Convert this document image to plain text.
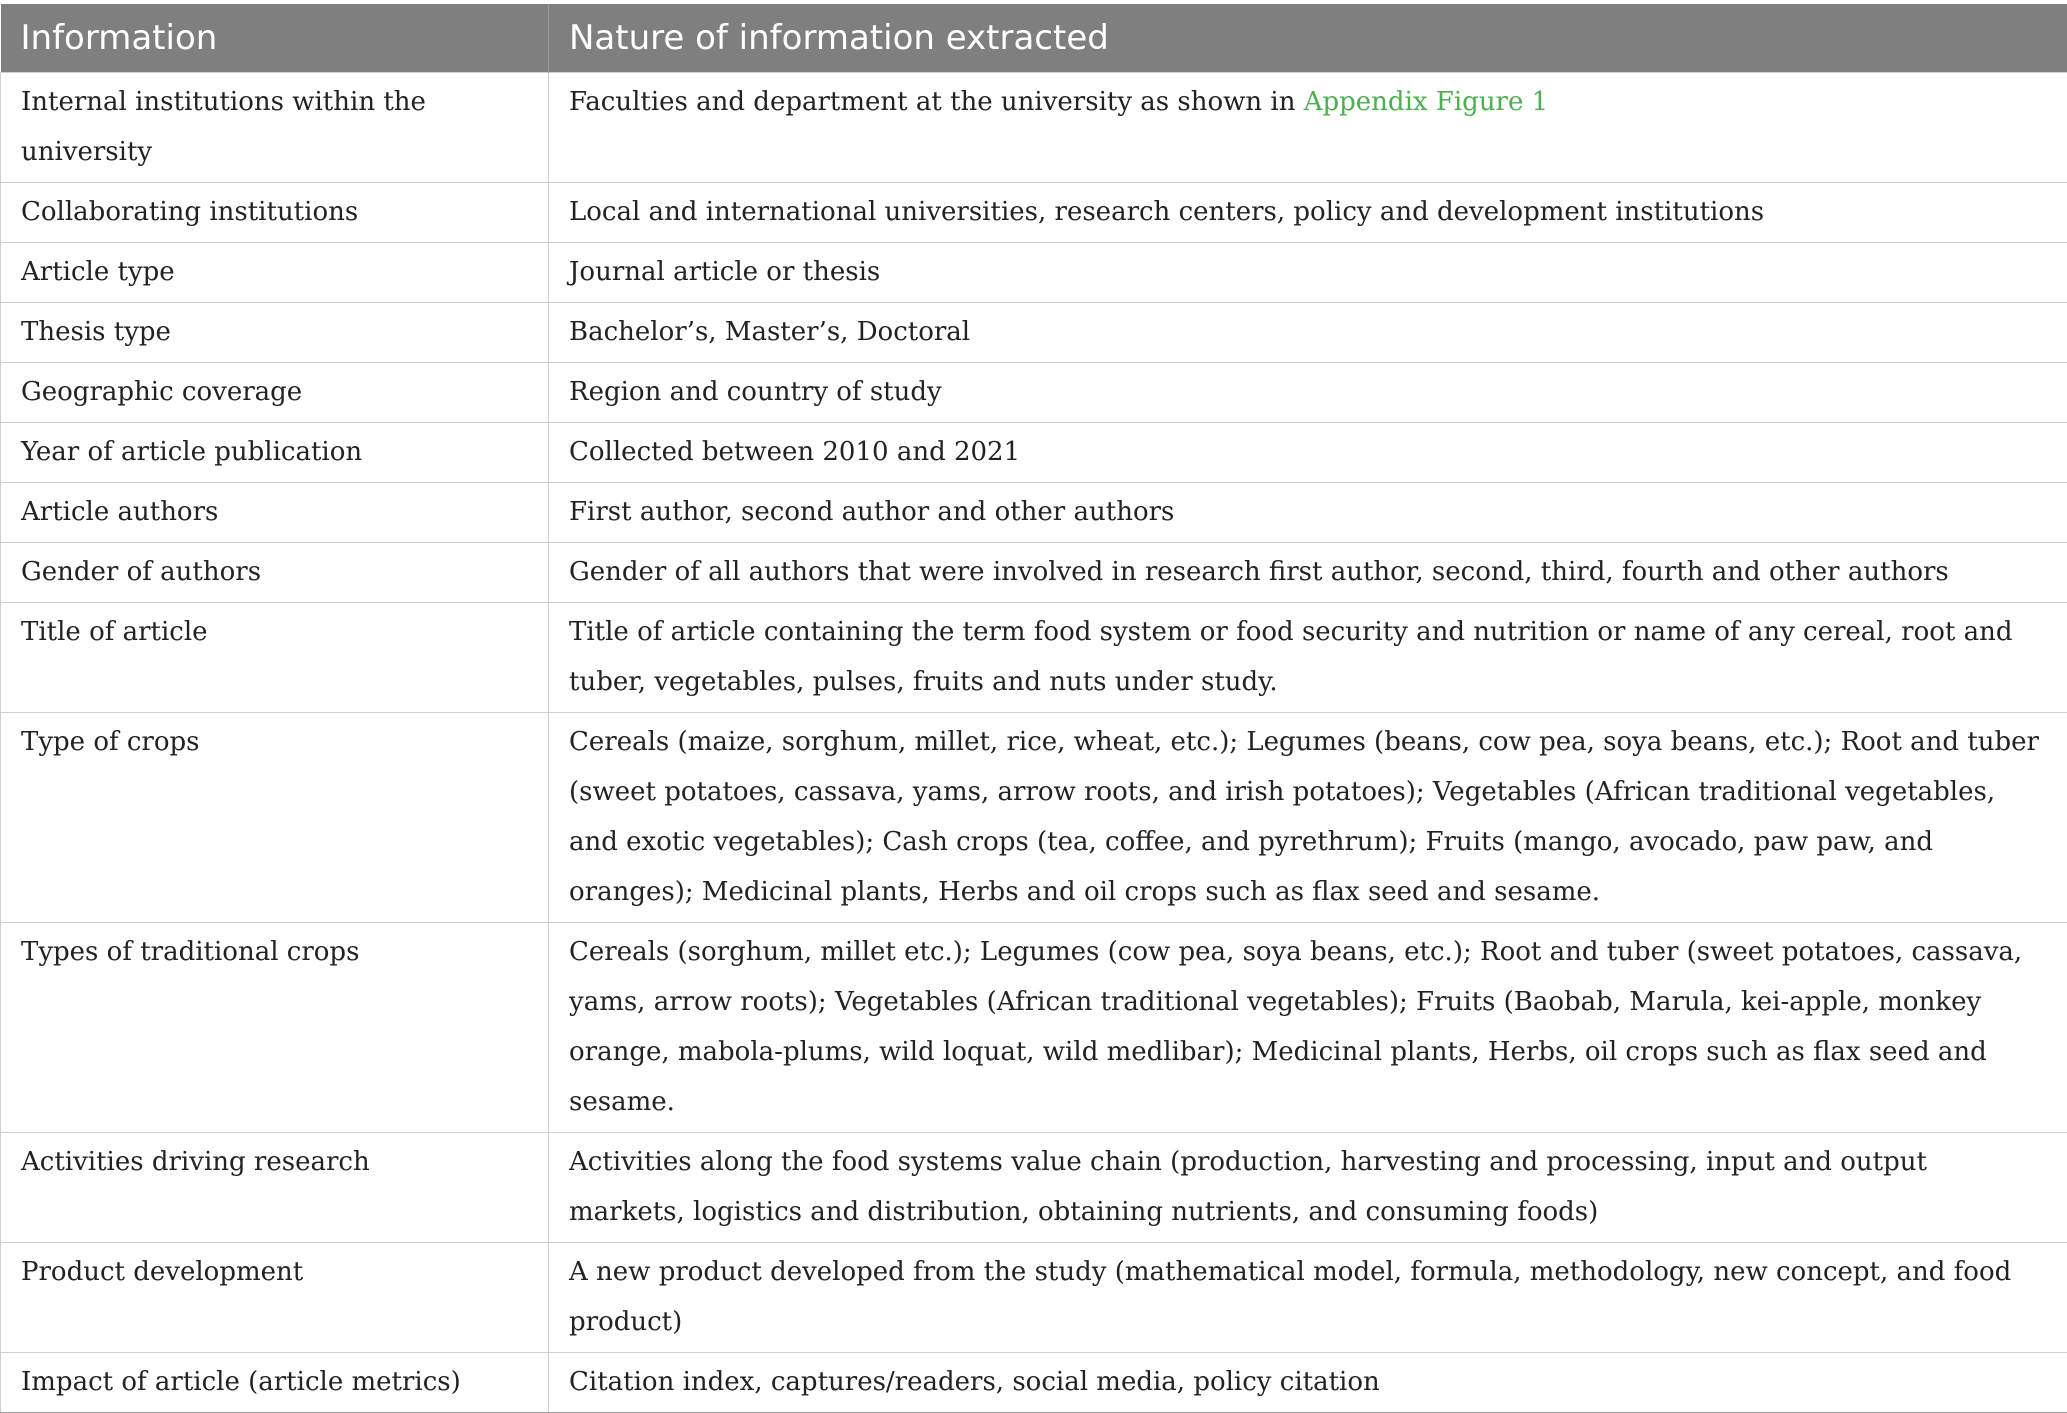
Information	Nature of information extracted
Internal institutions within the university	Faculties and department at the university as shown in Appendix Figure 1
Collaborating institutions	Local and international universities, research centers, policy and development institutions
Article type	Journal article or thesis
Thesis type	Bachelor’s, Master’s, Doctoral
Geographic coverage	Region and country of study
Year of article publication	Collected between 2010 and 2021
Article authors	First author, second author and other authors
Gender of authors	Gender of all authors that were involved in research first author, second, third, fourth and other authors
Title of article	Title of article containing the term food system or food security and nutrition or name of any cereal, root and tuber, vegetables, pulses, fruits and nuts under study.
Type of crops	Cereals (maize, sorghum, millet, rice, wheat, etc.); Legumes (beans, cow pea, soya beans, etc.); Root and tuber (sweet potatoes, cassava, yams, arrow roots, and irish potatoes); Vegetables (African traditional vegetables, and exotic vegetables); Cash crops (tea, coffee, and pyrethrum); Fruits (mango, avocado, paw paw, and oranges); Medicinal plants, Herbs and oil crops such as flax seed and sesame.
Types of traditional crops	Cereals (sorghum, millet etc.); Legumes (cow pea, soya beans, etc.); Root and tuber (sweet potatoes, cassava, yams, arrow roots); Vegetables (African traditional vegetables); Fruits (Baobab, Marula, kei-apple, monkey orange, mabola-plums, wild loquat, wild medlibar); Medicinal plants, Herbs, oil crops such as flax seed and sesame.
Activities driving research	Activities along the food systems value chain (production, harvesting and processing, input and output markets, logistics and distribution, obtaining nutrients, and consuming foods)
Product development	A new product developed from the study (mathematical model, formula, methodology, new concept, and food product)
Impact of article (article metrics)	Citation index, captures/readers, social media, policy citation
